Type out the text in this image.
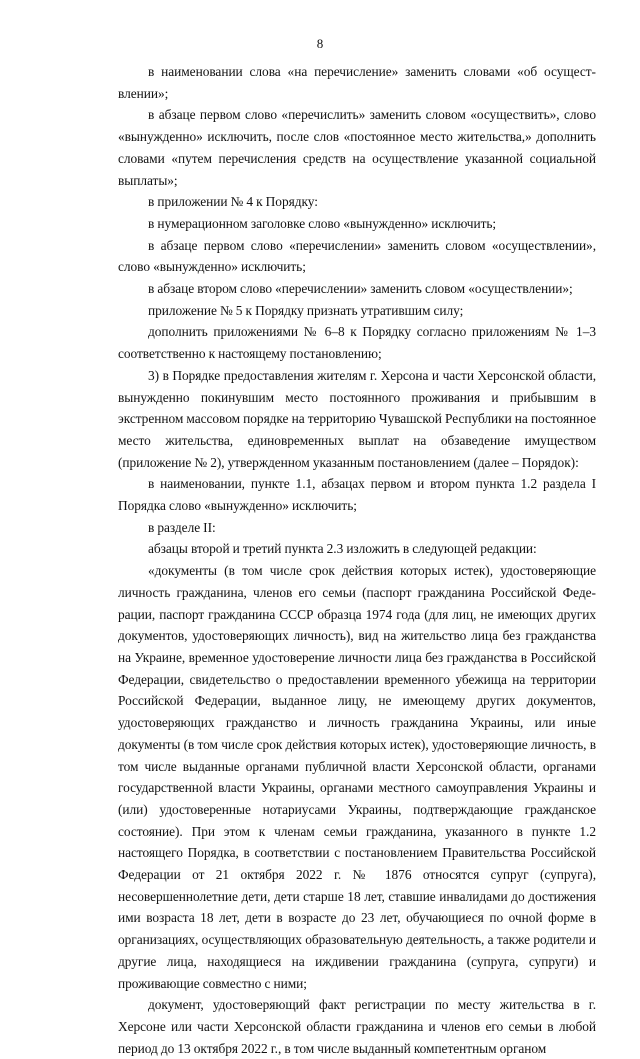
8

в наименовании слова «на перечисление» заменить словами «об осуществлении»;

в абзаце первом слово «перечислить» заменить словом «осуществить», слово «вынужденно» исключить, после слов «постоянное место жительства,» дополнить словами «путем перечисления средств на осуществление указанной социальной выплаты»;

в приложении № 4 к Порядку:

в нумерационном заголовке слово «вынужденно» исключить;

в абзаце первом слово «перечислении» заменить словом «осуществлении», слово «вынужденно» исключить;

в абзаце втором слово «перечислении» заменить словом «осуществлении»;

приложение № 5 к Порядку признать утратившим силу;

дополнить приложениями № 6–8 к Порядку согласно приложениям № 1–3 соответственно к настоящему постановлению;

3) в Порядке предоставления жителям г. Херсона и части Херсонской области, вынужденно покинувшим место постоянного проживания и прибывшим в экстренном массовом порядке на территорию Чувашской Республики на постоянное место жительства, единовременных выплат на обзаведение имуществом (приложение № 2), утвержденном указанным постановлением (далее – Порядок):

в наименовании, пункте 1.1, абзацах первом и втором пункта 1.2 раздела I Порядка слово «вынужденно» исключить;

в разделе II:

абзацы второй и третий пункта 2.3 изложить в следующей редакции:

«документы (в том числе срок действия которых истек), удостоверяющие личность гражданина, членов его семьи (паспорт гражданина Российской Федерации, паспорт гражданина СССР образца 1974 года (для лиц, не имеющих других документов, удостоверяющих личность), вид на жительство лица без гражданства на Украине, временное удостоверение личности лица без гражданства в Российской Федерации, свидетельство о предоставлении временного убежища на территории Российской Федерации, выданное лицу, не имеющему других документов, удостоверяющих гражданство и личность гражданина Украины, или иные документы (в том числе срок действия которых истек), удостоверяющие личность, в том числе выданные органами публичной власти Херсонской области, органами государственной власти Украины, органами местного самоуправления Украины и (или) удостоверенные нотариусами Украины, подтверждающие гражданское состояние). При этом к членам семьи гражданина, указанного в пункте 1.2 настоящего Порядка, в соответствии с постановлением Правительства Российской Федерации от 21 октября 2022 г. № 1876 относятся супруг (супруга), несовершеннолетние дети, дети старше 18 лет, ставшие инвалидами до достижения ими возраста 18 лет, дети в возрасте до 23 лет, обучающиеся по очной форме в организациях, осуществляющих образовательную деятельность, а также родители и другие лица, находящиеся на иждивении гражданина (супруга, супруги) и проживающие совместно с ними;

документ, удостоверяющий факт регистрации по месту жительства в г. Херсоне или части Херсонской области гражданина и членов его семьи в любой период до 13 октября 2022 г., в том числе выданный компетентным органом
